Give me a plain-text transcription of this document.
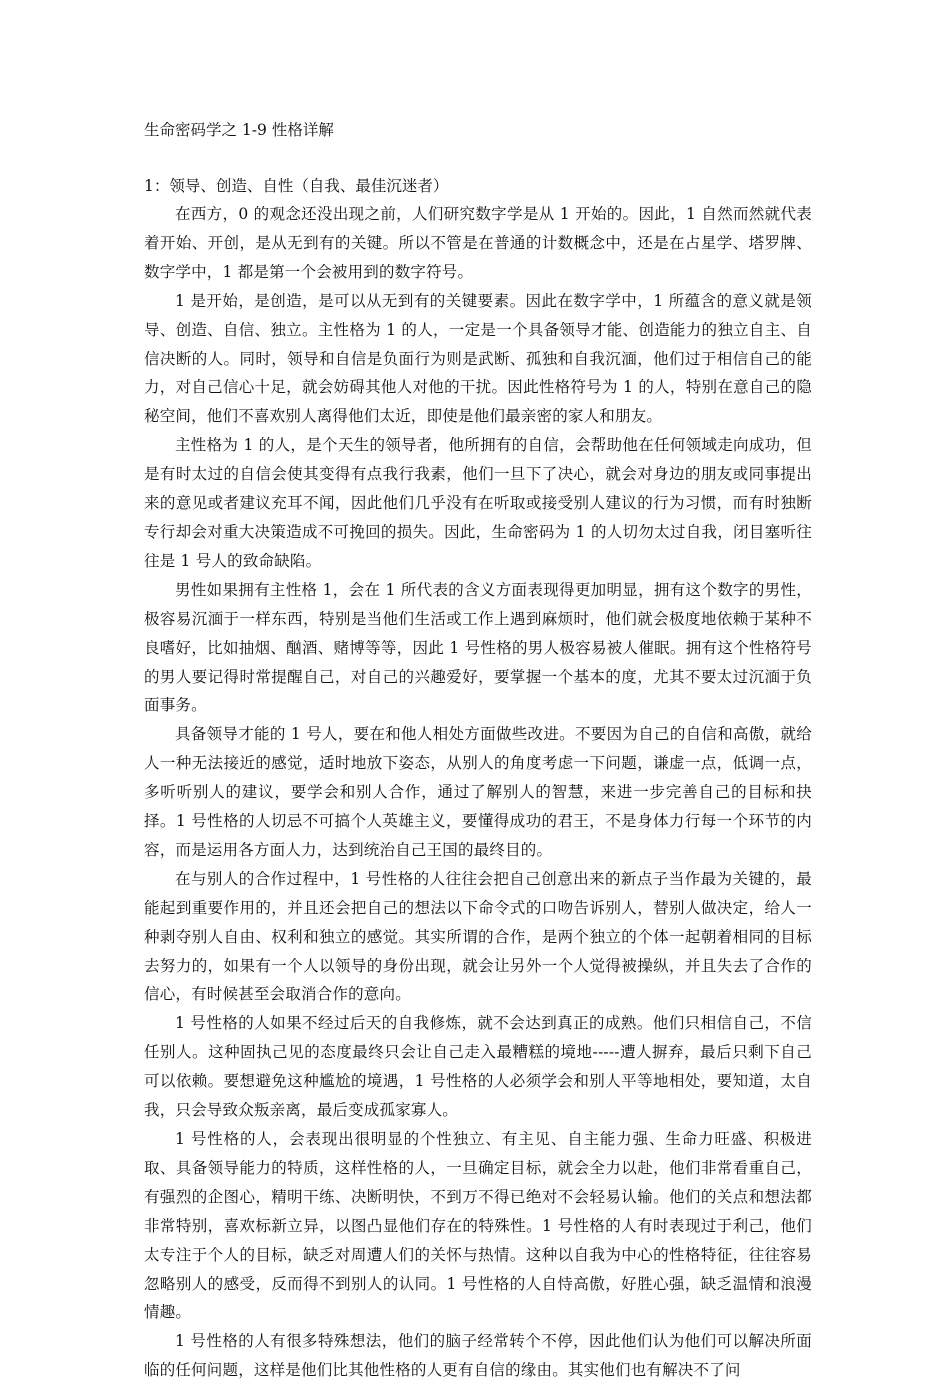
生命密码学之 1-9 性格详解
1：领导、创造、自性（自我、最佳沉迷者）

在西方，0 的观念还没出现之前，人们研究数字学是从 1 开始的。因此，1 自然而然就代表着开始、开创，是从无到有的关键。所以不管是在普通的计数概念中，还是在占星学、塔罗牌、数字学中，1 都是第一个会被用到的数字符号。

1 是开始，是创造，是可以从无到有的关键要素。因此在数字学中，1 所蕴含的意义就是领导、创造、自信、独立。主性格为 1 的人，一定是一个具备领导才能、创造能力的独立自主、自信决断的人。同时，领导和自信是负面行为则是武断、孤独和自我沉湎，他们过于相信自己的能力，对自己信心十足，就会妨碍其他人对他的干扰。因此性格符号为 1 的人，特别在意自己的隐秘空间，他们不喜欢别人离得他们太近，即使是他们最亲密的家人和朋友。

主性格为 1 的人，是个天生的领导者，他所拥有的自信，会帮助他在任何领域走向成功，但是有时太过的自信会使其变得有点我行我素，他们一旦下了决心，就会对身边的朋友或同事提出来的意见或者建议充耳不闻，因此他们几乎没有在听取或接受别人建议的行为习惯，而有时独断专行却会对重大决策造成不可挽回的损失。因此，生命密码为 1 的人切勿太过自我，闭目塞听往往是 1 号人的致命缺陷。

男性如果拥有主性格 1，会在 1 所代表的含义方面表现得更加明显，拥有这个数字的男性，极容易沉湎于一样东西，特别是当他们生活或工作上遇到麻烦时，他们就会极度地依赖于某种不良嗜好，比如抽烟、酗酒、赌博等等，因此 1 号性格的男人极容易被人催眠。拥有这个性格符号的男人要记得时常提醒自己，对自己的兴趣爱好，要掌握一个基本的度，尤其不要太过沉湎于负面事务。

具备领导才能的 1 号人，要在和他人相处方面做些改进。不要因为自己的自信和高傲，就给人一种无法接近的感觉，适时地放下姿态，从别人的角度考虑一下问题，谦虚一点，低调一点，多听听别人的建议，要学会和别人合作，通过了解别人的智慧，来进一步完善自己的目标和抉择。1 号性格的人切忌不可搞个人英雄主义，要懂得成功的君王，不是身体力行每一个环节的内容，而是运用各方面人力，达到统治自己王国的最终目的。

在与别人的合作过程中，1 号性格的人往往会把自己创意出来的新点子当作最为关键的，最能起到重要作用的，并且还会把自己的想法以下命令式的口吻告诉别人，替别人做决定，给人一种剥夺别人自由、权利和独立的感觉。其实所谓的合作，是两个独立的个体一起朝着相同的目标去努力的，如果有一个人以领导的身份出现，就会让另外一个人觉得被操纵，并且失去了合作的信心，有时候甚至会取消合作的意向。

1 号性格的人如果不经过后天的自我修炼，就不会达到真正的成熟。他们只相信自己，不信任别人。这种固执己见的态度最终只会让自己走入最糟糕的境地-----遭人摒弃，最后只剩下自己可以依赖。要想避免这种尴尬的境遇，1 号性格的人必须学会和别人平等地相处，要知道，太自我，只会导致众叛亲离，最后变成孤家寡人。

1 号性格的人，会表现出很明显的个性独立、有主见、自主能力强、生命力旺盛、积极进取、具备领导能力的特质，这样性格的人，一旦确定目标，就会全力以赴，他们非常看重自己，有强烈的企图心，精明干练、决断明快，不到万不得已绝对不会轻易认输。他们的关点和想法都非常特别，喜欢标新立异，以图凸显他们存在的特殊性。1 号性格的人有时表现过于利己，他们太专注于个人的目标，缺乏对周遭人们的关怀与热情。这种以自我为中心的性格特征，往往容易忽略别人的感受，反而得不到别人的认同。1 号性格的人自恃高傲，好胜心强，缺乏温情和浪漫情趣。

1 号性格的人有很多特殊想法，他们的脑子经常转个不停，因此他们认为他们可以解决所面临的任何问题，这样是他们比其他性格的人更有自信的缘由。其实他们也有解决不了问
